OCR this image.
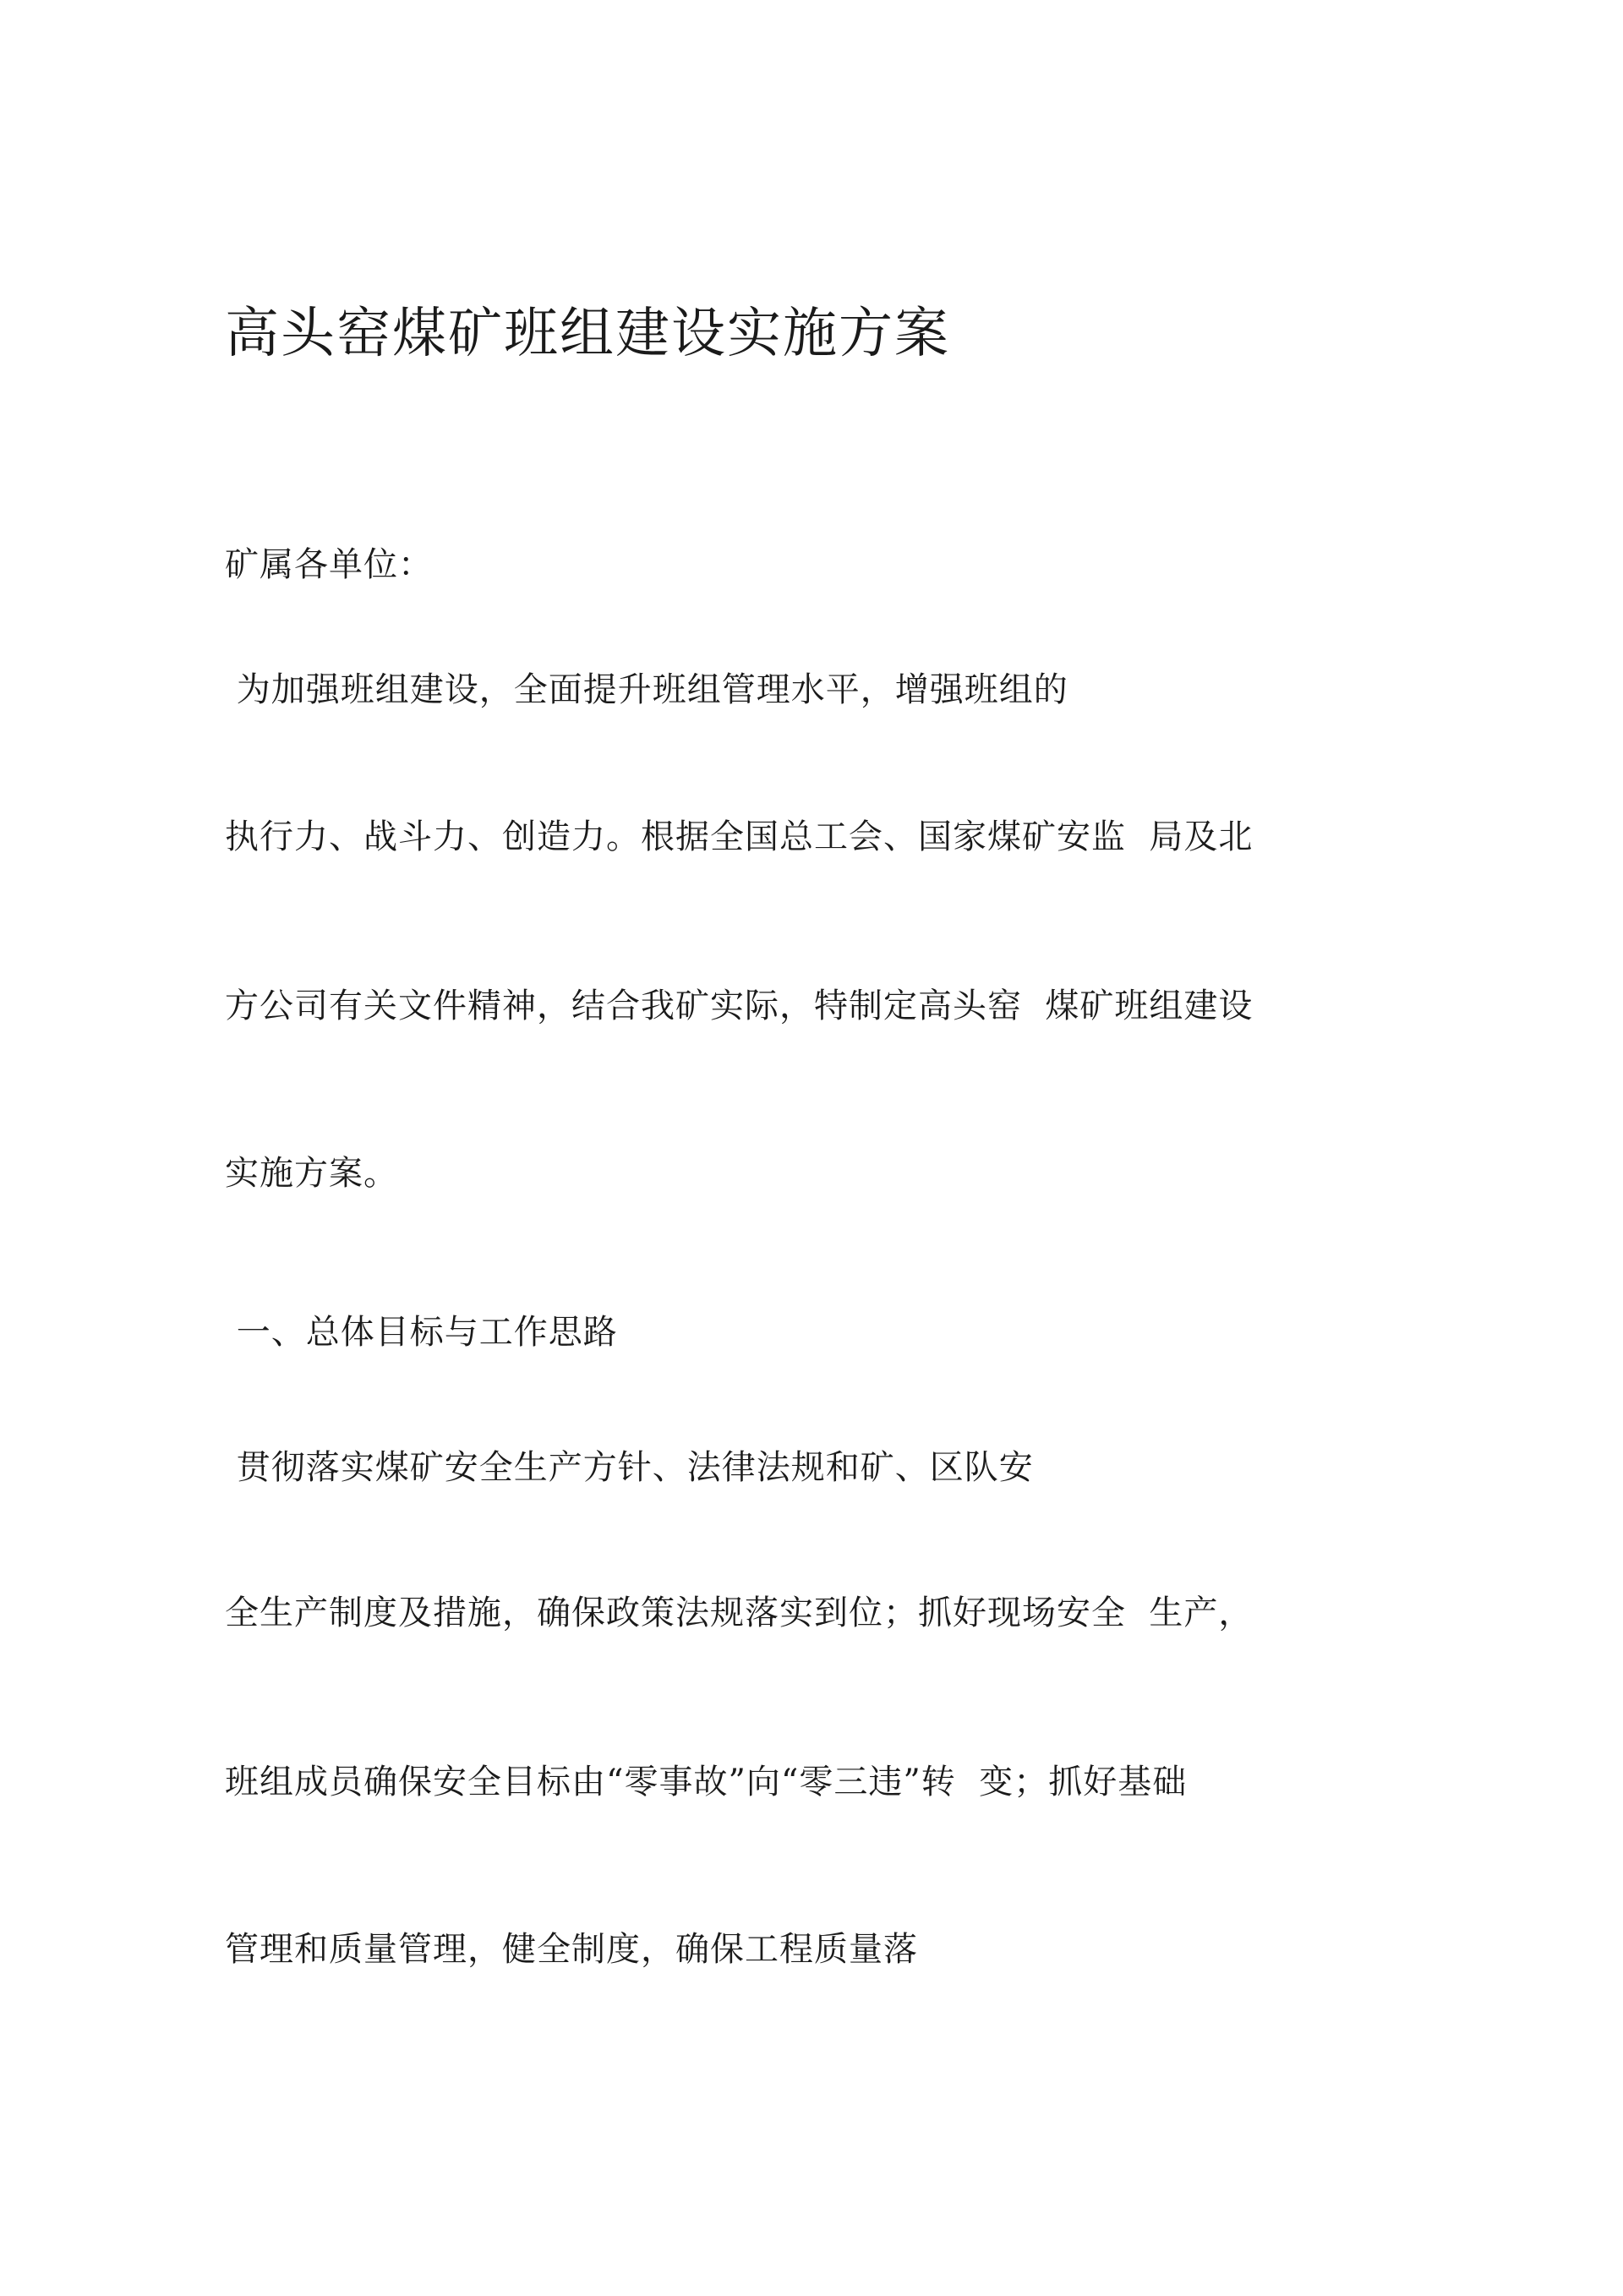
高头窑煤矿班组建设实施方案
矿属各单位：
为加强班组建设，全面提升班组管理水平，增强班组的
执行力、战斗力、创造力。根据全国总工会、国家煤矿安监  局及北
方公司有关文件精神，结合我矿实际，特制定高头窑  煤矿班组建设
实施方案。
一、总体目标与工作思路
贯彻落实煤矿安全生产方针、法律法规和矿、区队安
全生产制度及措施，确保政策法规落实到位；抓好现场安全  生产，
班组成员确保安全目标由“零事故”向“零三违”转  变；抓好基础
管理和质量管理，健全制度，确保工程质量落
